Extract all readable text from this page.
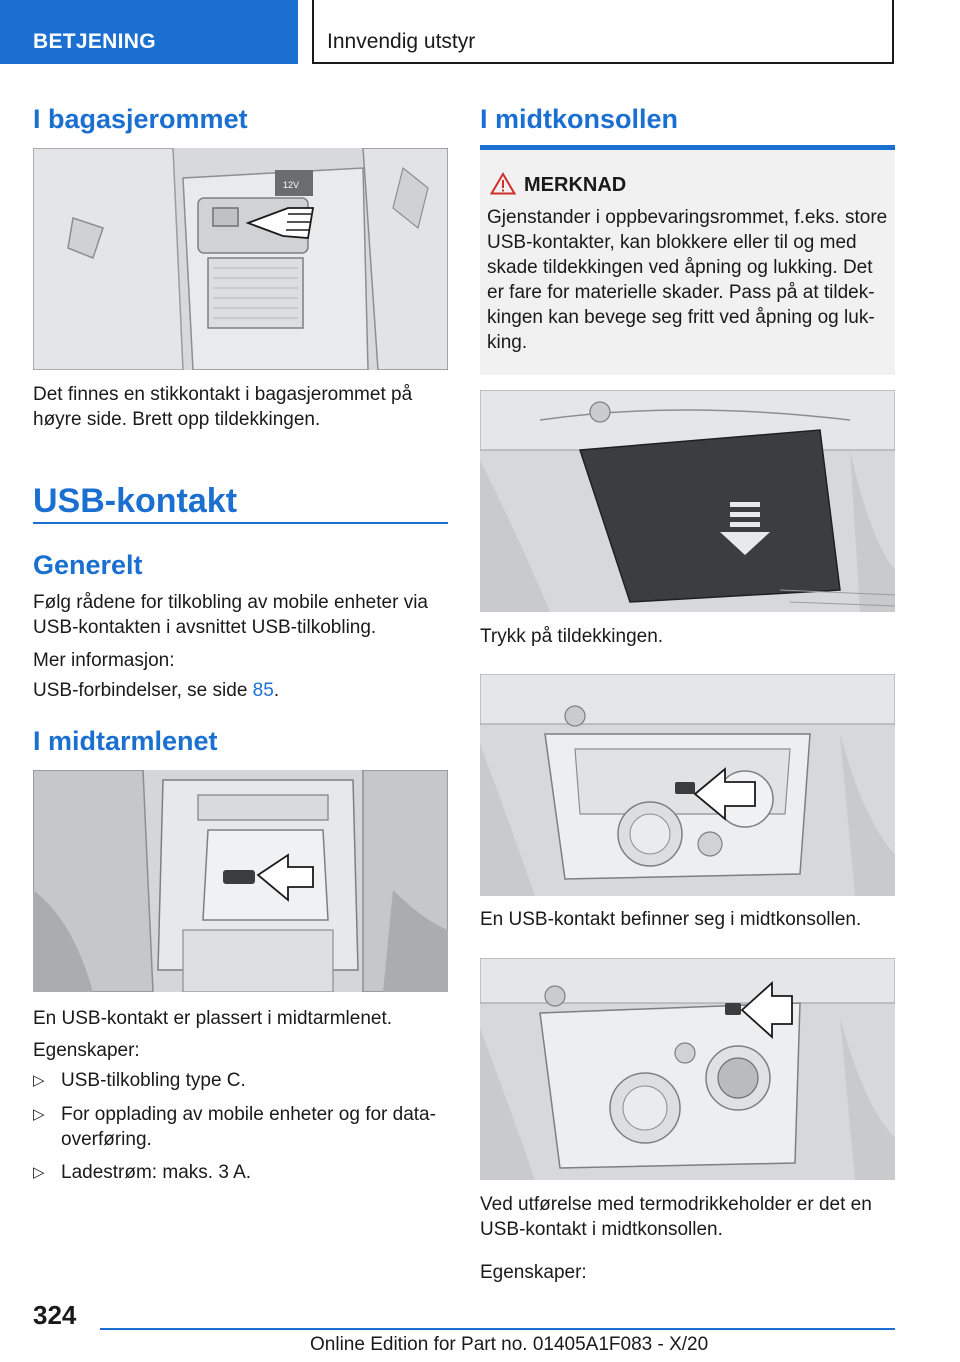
BETJENING	Innvendig utstyr
I bagasjerommet
12V

Det finnes en stikkontakt i bagasjerommet på høyre side. Brett opp tildekkingen.

USB-kontakt
Generelt

Følg rådene for tilkobling av mobile enheter via USB-kontakten i avsnittet USB-tilkobling.

Mer informasjon:

USB-forbindelser, se side 85.

I midtarmlenet

En USB-kontakt er plassert i midtarmlenet.

Egenskaper:

▷ USB-tilkobling type C.
▷ For opplading av mobile enheter og for data-overføring.
▷ Ladestrøm: maks. 3 A.
I midtkonsollen
MERKNAD
Gjenstander i oppbevaringsrommet, f.eks. store USB-kontakter, kan blokkere eller til og med skade tildekkingen ved åpning og lukking. Det er fare for materielle skader. Pass på at tildek-kingen kan bevege seg fritt ved åpning og luk-king.

Trykk på tildekkingen.

En USB-kontakt befinner seg i midtkonsollen.

Ved utførelse med termodrikkeholder er det en USB-kontakt i midtkonsollen.

Egenskaper:

324
Online Edition for Part no. 01405A1F083 - X/20
